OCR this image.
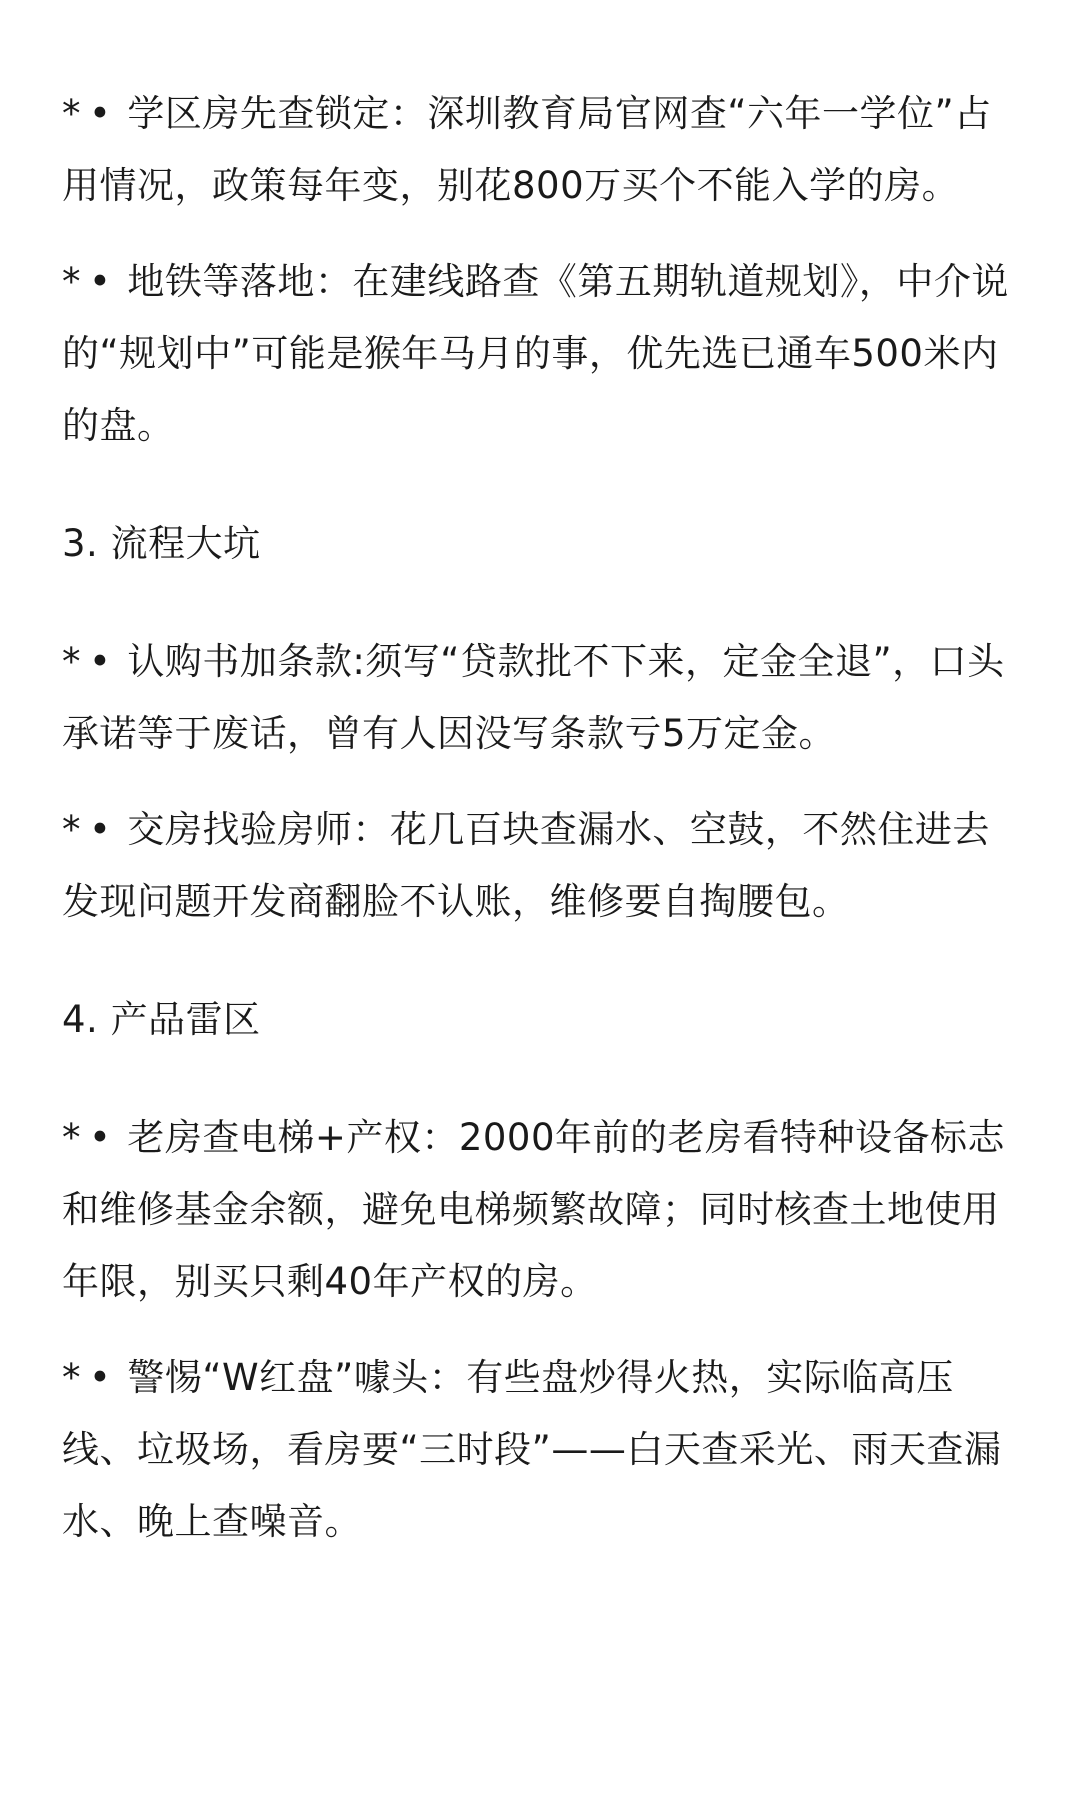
* • 学区房先查锁定：深圳教育局官网查“六年一学位”占用情况，政策每年变，别花800万买个不能入学的房。

* • 地铁等落地：在建线路查《第五期轨道规划》，中介说的“规划中”可能是猴年马月的事，优先选已通车500米内的盘。

3. 流程大坑

* • 认购书加条款:须写“贷款批不下来，定金全退”，口头承诺等于废话，曾有人因没写条款亏5万定金。

* • 交房找验房师：花几百块查漏水、空鼓，不然住进去发现问题开发商翻脸不认账，维修要自掏腰包。

4. 产品雷区

* • 老房查电梯+产权：2000年前的老房看特种设备标志和维修基金余额，避免电梯频繁故障；同时核查土地使用年限，别买只剩40年产权的房。

* • 警惕“W红盘”噱头：有些盘炒得火热，实际临高压线、垃圾场，看房要“三时段”——白天查采光、雨天查漏水、晚上查噪音。
